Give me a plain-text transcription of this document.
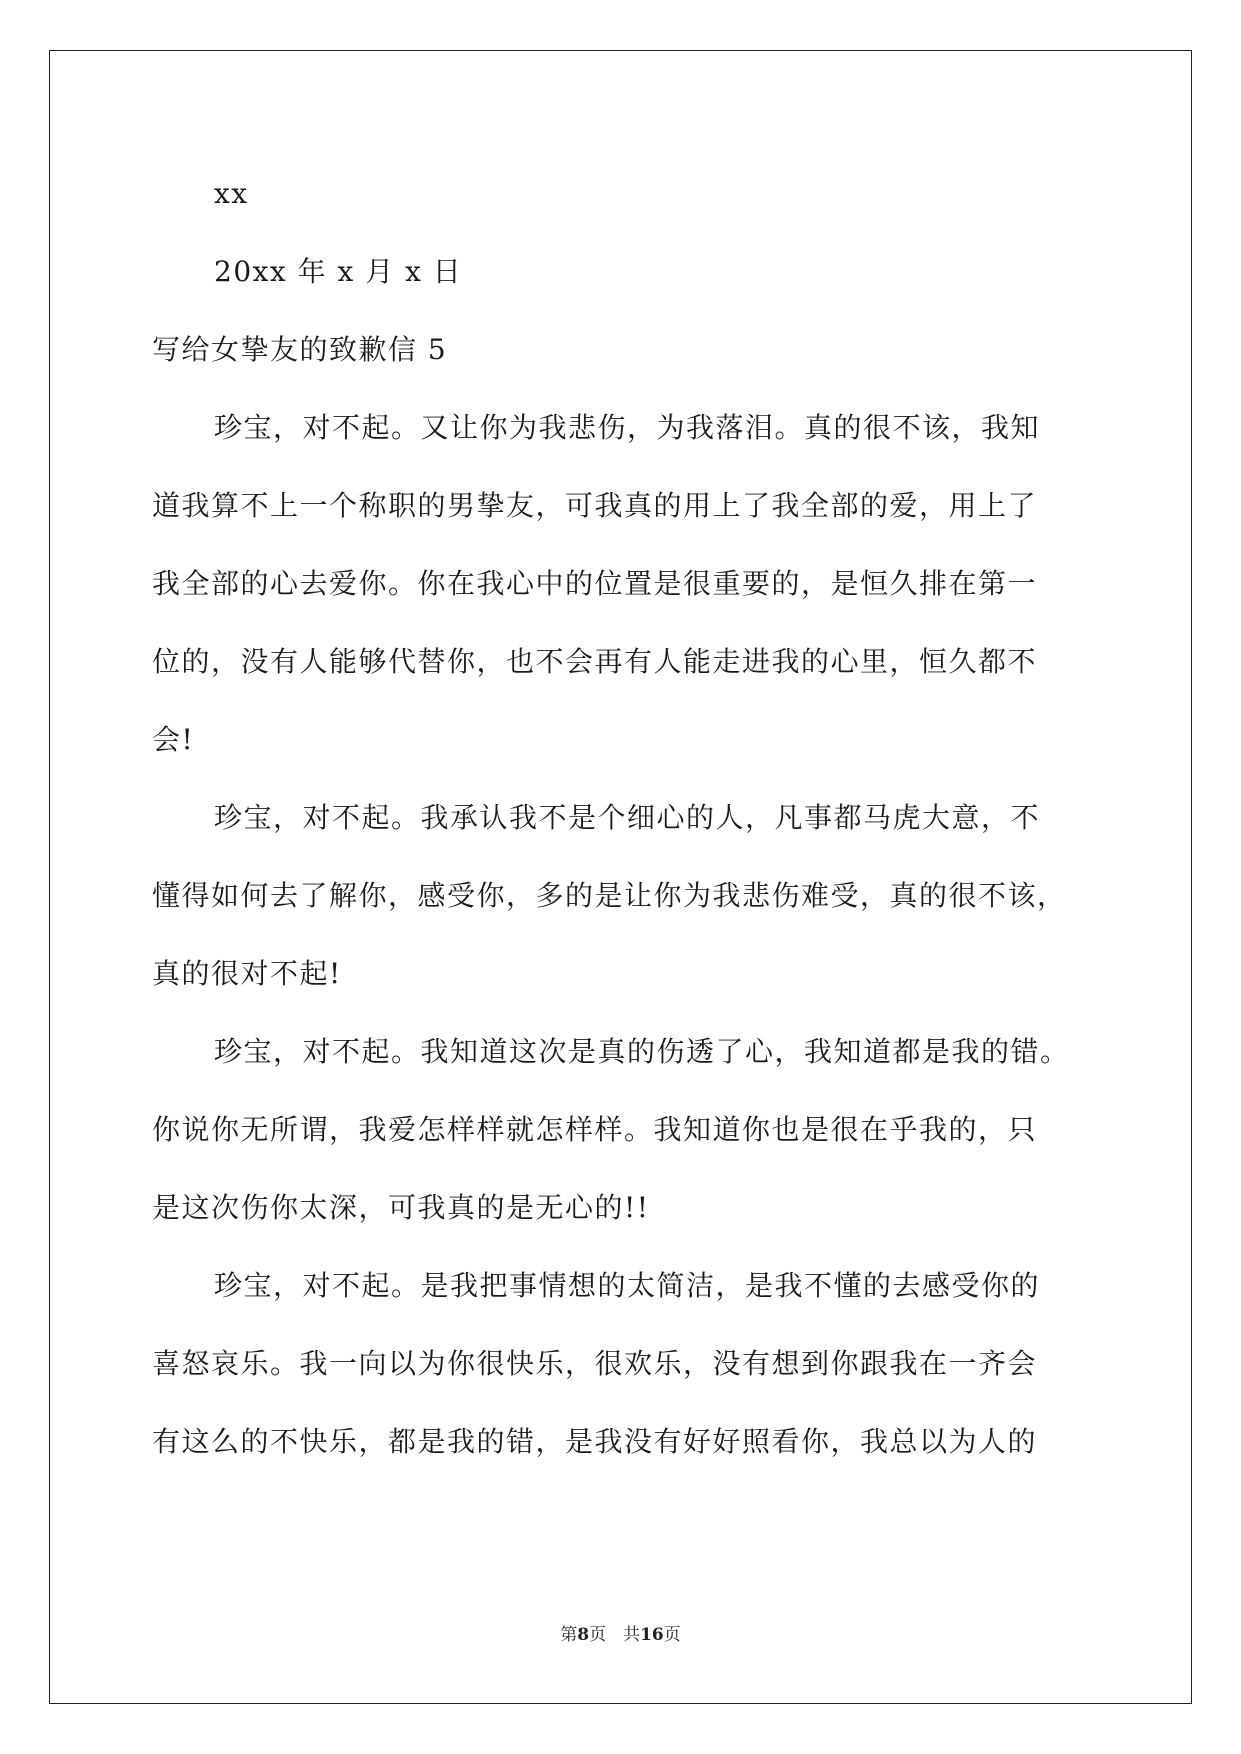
xx
20xx 年 x 月 x 日
写给女挚友的致歉信 5
珍宝，对不起。又让你为我悲伤，为我落泪。真的很不该，我知
道我算不上一个称职的男挚友，可我真的用上了我全部的爱，用上了
我全部的心去爱你。你在我心中的位置是很重要的，是恒久排在第一
位的，没有人能够代替你，也不会再有人能走进我的心里，恒久都不
会!
珍宝，对不起。我承认我不是个细心的人，凡事都马虎大意，不
懂得如何去了解你，感受你，多的是让你为我悲伤难受，真的很不该，
真的很对不起!
珍宝，对不起。我知道这次是真的伤透了心，我知道都是我的错。
你说你无所谓，我爱怎样样就怎样样。我知道你也是很在乎我的，只
是这次伤你太深，可我真的是无心的!!
珍宝，对不起。是我把事情想的太简洁，是我不懂的去感受你的
喜怒哀乐。我一向以为你很快乐，很欢乐，没有想到你跟我在一齐会
有这么的不快乐，都是我的错，是我没有好好照看你，我总以为人的
第8页　共16页
